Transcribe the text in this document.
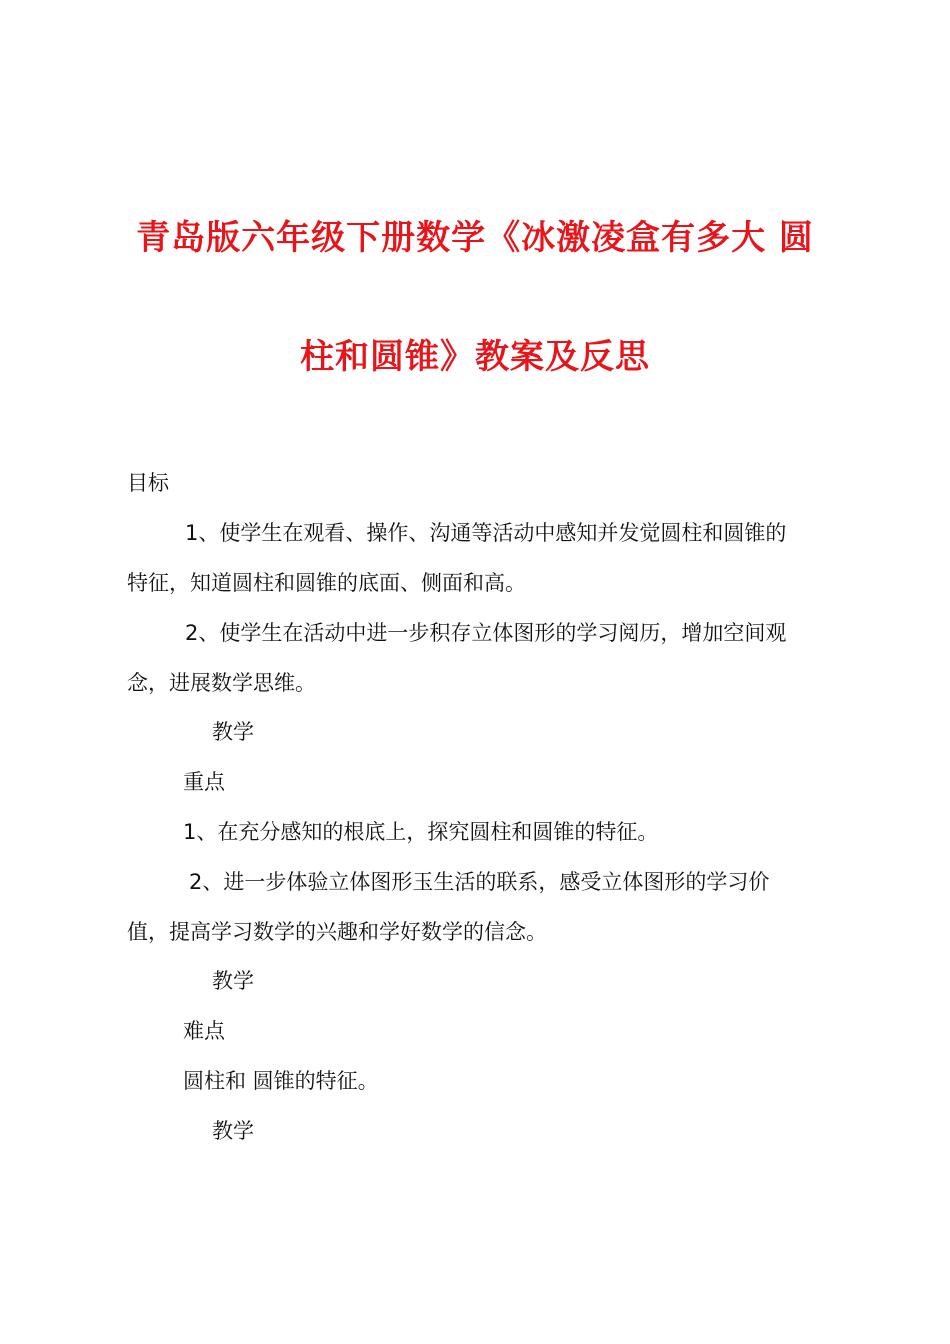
青岛版六年级下册数学《冰激凌盒有多大 圆
柱和圆锥》教案及反思
目标
1、使学生在观看、操作、沟通等活动中感知并发觉圆柱和圆锥的
特征，知道圆柱和圆锥的底面、侧面和高。
2、使学生在活动中进一步积存立体图形的学习阅历，增加空间观
念，进展数学思维。
教学
重点
1、在充分感知的根底上，探究圆柱和圆锥的特征。
2、进一步体验立体图形玉生活的联系，感受立体图形的学习价
值，提高学习数学的兴趣和学好数学的信念。
教学
难点
圆柱和 圆锥的特征。
教学
